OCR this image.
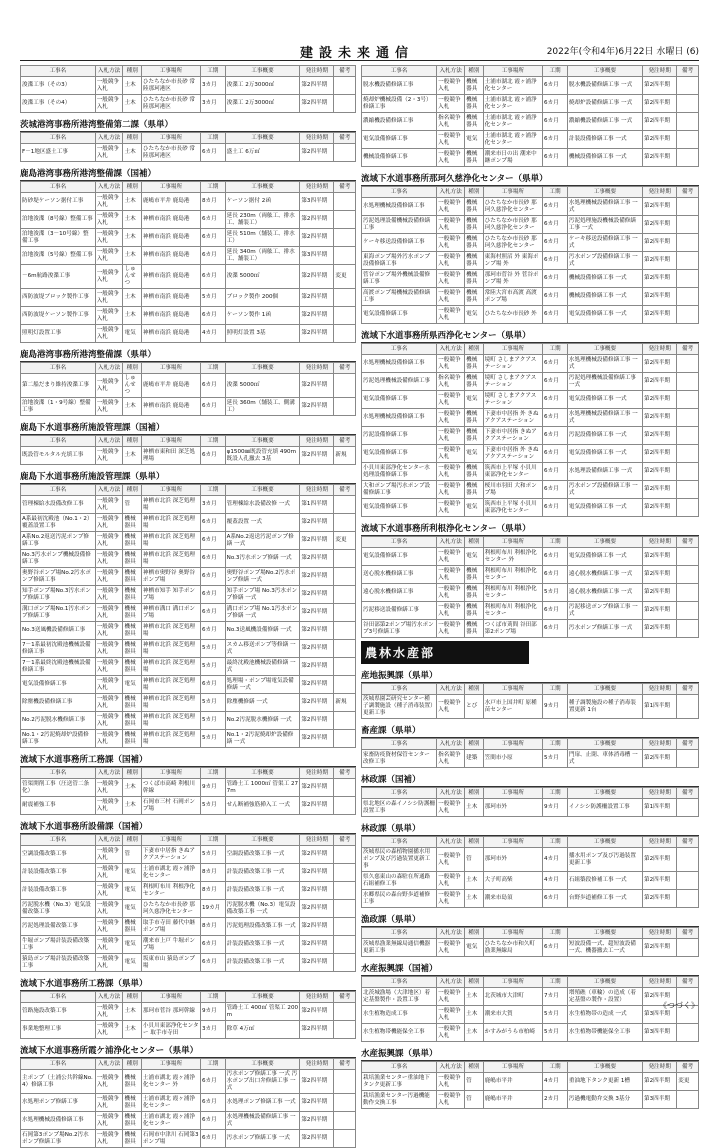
建設未来通信	2022年(令和4年)6月22日 水曜日 (6)
工事名	入札方法	種別	工事場所	工期	工事概要	発注時期	備考
浚渫工事（その3）	一般競争入札	土木	ひたちなか市長砂 常陸那珂港区	3カ月	浚渫工 2万3000㎥	第2四半期	
浚渫工事（その4）	一般競争入札	土木	ひたちなか市長砂 常陸那珂港区	3カ月	浚渫工 2万3000㎥	第2四半期	
茨城港湾事務所港湾整備第二課（県単）
工事名	入札方法	種別	工事場所	工期	工事概要	発注時期	備考
F－1地区盛土工事	一般競争入札	土木	ひたちなか市長砂 常陸那珂港区	6カ月	盛土工 6万㎥	第2四半期	
鹿島港湾事務所港湾整備課（国補）
工事名	入札方法	種別	工事場所	工期	工事概要	発注時期	備考
防砂堤ケーソン据付工事	一般競争入札	土木	鹿嶋市平井 鹿島港	8カ月	ケーソン据付 2函	第3四半期	
泊地浚渫（8号線）整備工事	一般競争入札	土木	神栖市南浜 鹿島港	6カ月	延長 230m（両舷工、排水工、舗装工）	第2四半期	
泊地浚渫（3－10号線）整備工事	一般競争入札	土木	神栖市南浜 鹿島港	6カ月	延長 510m（舗装工、排水工）	第2四半期	
泊地浚渫（5号線）整備工事	一般競争入札	土木	神栖市南浜 鹿島港	6カ月	延長 340m（両舷工、排水工、舗装工）	第3四半期	
－6m航路浚渫工事	一般競争入札	しゅんせつ	神栖市南浜 鹿島港	6カ月	浚渫 5000㎥	第2四半期	変更
西防波堤ブロック製作工事	一般競争入札	土木	神栖市南浜 鹿島港	5カ月	ブロック製作 200個	第2四半期	
西防波堤ケーソン製作工事	一般競争入札	土木	神栖市南浜 鹿島港	6カ月	ケーソン製作 1函	第2四半期	
照明灯設置工事	一般競争入札	電気	神栖市南浜 鹿島港	4カ月	照明灯設置 3基	第2四半期	
鹿島港湾事務所港湾整備課（県単）
工事名	入札方法	種別	工事場所	工期	工事概要	発注時期	備考
第二船だまり維持浚渫工事	一般競争入札	しゅんせつ	鹿嶋市平井 鹿島港	6カ月	浚渫 5000㎥	第2四半期	
泊地浚渫（1・9号線）整備工事	一般競争入札	土木	神栖市南浜 鹿島港	6カ月	延長 360m（舗装工、側溝工）	第2四半期	
鹿島下水道事務所施設管理課（国補）
工事名	入札方法	種別	工事場所	工期	工事概要	発注時期	備考
既設管モルタル充填工事	一般競争入札	土木	神栖市東和田 深芝処理場	6カ月	φ1500㎜既設管充填 490m 既設人孔撤去 3基	第2四半期	新規
鹿島下水道事務所施設管理課（県単）
工事名	入札方法	種別	工事場所	工期	工事概要	発注時期	備考
管理棟給水設備改修工事	一般競争入札	管	神栖市北浜 深芝処理場	3カ月	管理棟給水設備改修 一式	第1四半期	
A系最初沈殿池（No.1・2）覆蓋設置工事	一般競争入札	機械器具	神栖市北浜 深芝処理場	6カ月	覆蓋設置 一式	第2四半期	
A系No.2返送汚泥ポンプ修繕工事	一般競争入札	機械器具	神栖市北浜 深芝処理場	6カ月	A系No.2返送汚泥ポンプ修繕 一式	第2四半期	変更
No.3汚水ポンプ機械設備修繕工事	一般競争入札	機械器具	神栖市北浜 深芝処理場	6カ月	No.3汚水ポンプ修繕 一式	第2四半期	
奥野谷ポンプ場No.2汚水ポンプ修繕工事	一般競争入札	機械器具	神栖市奥野谷 奥野谷ポンプ場	6カ月	奥野谷ポンプ場No.2汚水ポンプ修繕 一式	第2四半期	
知手ポンプ場No.3汚水ポンプ修繕工事	一般競争入札	機械器具	神栖市知手 知手ポンプ場	6カ月	知手ポンプ場 No.3汚水ポンプ修繕 一式	第2四半期	
溝口ポンプ場No.1汚水ポンプ修繕工事	一般競争入札	機械器具	神栖市溝口 溝口ポンプ場	6カ月	溝口ポンプ場 No.1汚水ポンプ修繕 一式	第2四半期	
No.3送風機設備修繕工事	一般競争入札	機械器具	神栖市北浜 深芝処理場	6カ月	No.3送風機設備修繕 一式	第2四半期	
7－1系最初沈殿池機械設備修繕工事	一般競争入札	機械器具	神栖市北浜 深芝処理場	5カ月	スカム移送ポンプ等修繕 一式	第2四半期	
7－1系最終沈殿池機械設備修繕工事	一般競争入札	機械器具	神栖市北浜 深芝処理場	5カ月	最終沈殿池機械設備修繕 一式	第2四半期	
電気設備修繕工事	一般競争入札	電気	神栖市北浜 深芝処理場	6カ月	処理場・ポンプ場電気設備修繕 一式	第2四半期	
除塵機設備修繕工事	一般競争入札	機械器具	神栖市北浜 深芝処理場	5カ月	除塵機修繕 一式	第2四半期	新規
No.2汚泥脱水機修繕工事	一般競争入札	機械器具	神栖市北浜 深芝処理場	5カ月	No.2汚泥脱水機修繕 一式	第2四半期	
No.1・2汚泥焼却炉設備修繕工事	一般競争入札	機械器具	神栖市北浜 深芝処理場	5カ月	No.1・2汚泥焼却炉設備修繕 一式	第2四半期	
流域下水道事務所工務課（国補）
工事名	入札方法	種別	工事場所	工期	工事概要	発注時期	備考
管渠開削工事（圧送管二条化）	一般競争入札	土木	つくば市高崎 利根川幹線	9カ月	管路土工 1000㎥ 管渠工 277m	第2四半期	
耐震補強工事	一般競争入札	土木	石岡市三村 石岡ポンプ場	5カ月	せん断補強筋挿入工 一式	第2四半期	
流域下水道事務所設備課（国補）
工事名	入札方法	種別	工事場所	工期	工事概要	発注時期	備考
空調設備改築工事	一般競争入札	管	下妻市中居指 きぬアクアステーション	5カ月	空調設備改築工事 一式	第2四半期	
計装設備改築工事	一般競争入札	電気	土浦市湖北 霞ヶ浦浄化センター	8カ月	計装設備改築工事 一式	第2四半期	
計装設備改築工事	一般競争入札	電気	利根町布川 利根浄化センター	8カ月	計装設備改築工事 一式	第2四半期	
汚泥脱水機（No.3）電気設備改築工事	一般競争入札	電気	ひたちなか市長砂 那珂久慈浄化センター	19カ月	汚泥脱水機（No.3）電気設備改築工事 一式	第2四半期	
汚泥処理設備改築工事	一般競争入札	機械器具	取手市寺田 藤代中継ポンプ場	8カ月	汚泥処理設備改築工事 一式	第2四半期	
牛堀ポンプ場計装設備改築工事	一般競争入札	電気	潮来市上戸 牛堀ポンプ場	6カ月	計装設備改築工事 一式	第2四半期	
猿島ポンプ場計装設備改築工事	一般競争入札	電気	坂東市山 猿島ポンプ場	6カ月	計装設備改築工事 一式	第2四半期	
流域下水道事務所工務課（県単）
工事名	入札方法	種別	工事場所	工期	工事概要	発注時期	備考
管路施設改築工事	一般競争入札	土木	那珂市菅谷 那珂幹線	9カ月	管路土工 400㎥ 管渠工 200m	第2四半期	
事業地整理工事	一般競争入札	土木	小貝川東部浄化センター 取手市寺田	3カ月	除草 4万㎡	第2四半期	
流域下水道事務所霞ケ浦浄化センター（県単）
工事名	入札方法	種別	工事場所	工期	工事概要	発注時期	備考
主ポンプ（土浦公共幹線No.4）修繕工事	一般競争入札	機械器具	土浦市湖北 霞ヶ浦浄化センター 外	6カ月	汚水ポンプ修繕工事 一式 汚水ポンプ出口弁修繕工事 一式	第2四半期	
水処理ポンプ修繕工事	一般競争入札	機械器具	土浦市湖北 霞ヶ浦浄化センター	6カ月	水処理ポンプ修繕工事 一式	第2四半期	
水処理機械設備修繕工事	一般競争入札	機械器具	土浦市湖北 霞ヶ浦浄化センター	6カ月	水処理機械設備修繕工事 一式	第2四半期	
石岡第3ポンプ場No.2汚水ポンプ修繕工事	一般競争入札	機械器具	石岡市中津川 石岡第3ポンプ場	6カ月	汚水ポンプ修繕工事 一式	第2四半期	
工事名	入札方法	種別	工事場所	工期	工事概要	発注時期	備考
脱水機設備修繕工事	一般競争入札	機械器具	土浦市湖北 霞ヶ浦浄化センター	6カ月	脱水機設備修繕工事 一式	第2四半期	
焼却炉機械設備（2・3号）修繕工事	一般競争入札	機械器具	土浦市湖北 霞ヶ浦浄化センター	6カ月	焼却炉設備修繕工事 一式	第2四半期	
濃縮機設備修繕工事	指名競争入札	機械器具	土浦市湖北 霞ヶ浦浄化センター	6カ月	濃縮機設備修繕工事 一式	第2四半期	
電気設備修繕工事	一般競争入札	電気	土浦市湖北 霞ヶ浦浄化センター	6カ月	計装設備修繕工事 一式	第2四半期	
機械設備修繕工事	一般競争入札	機械器具	潮来市日の出 潮来中継ポンプ場	6カ月	機械設備修繕工事 一式	第2四半期	
流域下水道事務所那珂久慈浄化センター（県単）
工事名	入札方法	種別	工事場所	工期	工事概要	発注時期	備考
水処理機械設備修繕工事	一般競争入札	機械器具	ひたちなか市長砂 那珂久慈浄化センター	6カ月	水処理機械設備修繕工事 一式	第2四半期	
汚泥処理設備機械設備修繕工事	一般競争入札	機械器具	ひたちなか市長砂 那珂久慈浄化センター	6カ月	汚泥処理施設機械設備修繕工事 一式	第2四半期	
ケーキ移送設備修繕工事	一般競争入札	機械器具	ひたちなか市長砂 那珂久慈浄化センター	6カ月	ケーキ移送設備修繕工事 一式	第2四半期	
東海ポンプ場外汚水ポンプ設備修繕工事	一般競争入札	機械器具	東海村照沼 外 東海ポンプ場 外	6カ月	汚水ポンプ設備修繕工事 一式	第2四半期	
菅谷ポンプ場外機械設備修繕工事	一般競争入札	機械器具	那珂市菅谷 外 菅谷ポンプ場 外	6カ月	機械設備修繕工事 一式	第2四半期	
高渡ポンプ場機械設備修繕工事	一般競争入札	機械器具	常陸大宮市高渡 高渡ポンプ場	6カ月	機械設備修繕工事 一式	第2四半期	
電気設備修繕工事	一般競争入札	電気	ひたちなか市長砂 外	6カ月	電気設備修繕工事 一式	第2四半期	
流域下水道事務所県西浄化センター（県単）
工事名	入札方法	種別	工事場所	工期	工事概要	発注時期	備考
水処理機械設備修繕工事	一般競争入札	機械器具	境町 さしまアクアステーション	6カ月	水処理機械設備修繕工事 一式	第2四半期	
汚泥処理機械設備修繕工事	指名競争入札	機械器具	境町 さしまアクアステーション	6カ月	汚泥処理機械設備修繕工事 一式	第2四半期	
電気設備修繕工事	一般競争入札	電気	境町 さしまアクアステーション	6カ月	電気設備修繕工事 一式	第2四半期	
水処理機械設備修繕工事	一般競争入札	機械器具	下妻市中居指 外 きぬアクアステーション	6カ月	水処理機械設備修繕工事 一式	第2四半期	
汚泥設備修繕工事	一般競争入札	機械器具	下妻市中居指 きぬアクアステーション	6カ月	汚泥設備修繕工事 一式	第2四半期	
電気設備修繕工事	一般競争入札	電気	下妻市中居指 外 きぬアクアステーション	6カ月	電気設備修繕工事 一式	第2四半期	
小貝川東部浄化センター水処理設備修繕工事	一般競争入札	機械器具	筑西市上平塚 小貝川東部浄化センター	6カ月	水処理設備修繕工事 一式	第2四半期	
大和ポンプ場汚水ポンプ設備修繕工事	一般競争入札	機械器具	桜川市羽田 大和ポンプ場	6カ月	汚水ポンプ設備修繕工事 一式	第2四半期	
電気設備修繕工事	一般競争入札	電気	筑西市上平塚 小貝川東部浄化センター	6カ月	電気設備修繕工事 一式	第2四半期	
流域下水道事務所利根浄化センター（県単）
工事名	入札方法	種別	工事場所	工期	工事概要	発注時期	備考
電気設備修繕工事	一般競争入札	電気	利根町布川 利根浄化センター 外	6カ月	電気設備修繕工事 一式	第2四半期	
送心脱水機修繕工事	一般競争入札	機械器具	利根町布川 利根浄化センター	6カ月	遠心脱水機修繕工事 一式	第2四半期	
遠心脱水機修繕工事	一般競争入札	機械器具	利根町布川 利根浄化センター	5カ月	遠心脱水機修繕工事 一式	第2四半期	
汚泥移送設備修繕工事	一般競争入札	機械器具	利根町布川 利根浄化センター	6カ月	汚泥移送ポンプ修繕工事 一式	第2四半期	
谷田部第2ポンプ場汚水ポンプ3号修繕工事	一般競争入札	機械器具	つくば市苅間 谷田部第2ポンプ場	6カ月	汚水ポンプ修繕工事 一式	第2四半期	
農林水産部
産地振興課（県単）
工事名	入札方法	種別	工事場所	工期	工事概要	発注時期	備考
茨城県園芸研究センター種子調製施設（種子消毒装置）更新工事	一般競争入札	とび	水戸市上国井町 原種苗センター	9カ月	種子調製施設の種子消毒装置更新 1台	第1四半期	
畜産課（県単）
工事名	入札方法	種別	工事場所	工期	工事概要	発注時期	備考
家畜防疫資材保管センター改修工事	指名競争入札	建築	笠間市小原	5カ月	門扉、止閉、車体消毒槽 一式	第2四半期	
林政課（国補）
工事名	入札方法	種別	工事場所	工期	工事概要	発注時期	備考
県北地区の森イノシシ防護柵設置工事	一般競争入札	土木	那珂市外	9カ月	イノシシ防護柵設置工事	第1四半期	
林政課（県単）
工事名	入札方法	種別	工事場所	工期	工事概要	発注時期	備考
茨城県民の森植物園播水用ポンプ及び汚過装置更新工事	一般競争入札	管	那珂市外	4カ月	播水用ポンプ及び汚過装置更新工事	第2四半期	
県久慈東山の森駐在所通路石組補修工事	一般競争入札	土木	大子町高柴	4カ月	石組築段修補工事 一式	第2四半期	
水郷県民の森台野歩道補修工事	一般競争入札	土木	潮来市島須	6カ月	台野歩道補修工事 一式	第2四半期	
漁政課（県単）
工事名	入札方法	種別	工事場所	工期	工事概要	発注時期	備考
茨城県漁業無線局通信機器更新工事	一般競争入札	電気	ひたちなか市和久町 漁業無線局	6カ月	短波設備一式、超短波設備一式、機器撤去工一式	第2四半期	
水産振興課（国補）
工事名	入札方法	種別	工事場所	工期	工事概要	発注時期	備考
北茨城漁場（大津地区）着定基盤製作・設置工事	一般競争入札	土木	北茨城市大津町	7カ月	増殖礁（車輪）の造成（着定基盤の製作・設置）	第2四半期	
水生植物造成工事	一般競争入札	土木	潮来市大賀	5カ月	水生植物帯の造成 一式	第3四半期	
水生植物帯機能保全工事	一般競争入札	土木	かすみがうら市柏崎	5カ月	水生植物帯機能保全工事	第3四半期	
水産振興課（県単）
工事名	入札方法	種別	工事場所	工期	工事概要	発注時期	備考
栽培漁業センター重油地下タンク更新工事	一般競争入札	管	鹿嶋市平井	4カ月	重油地下タンク更新 1槽	第2四半期	変更
栽培漁業センター汚過機能動作交換工事	一般競争入札	管	鹿嶋市平井	2カ月	汚過機電動弁交換 3基分	第3四半期	
《つづく》
